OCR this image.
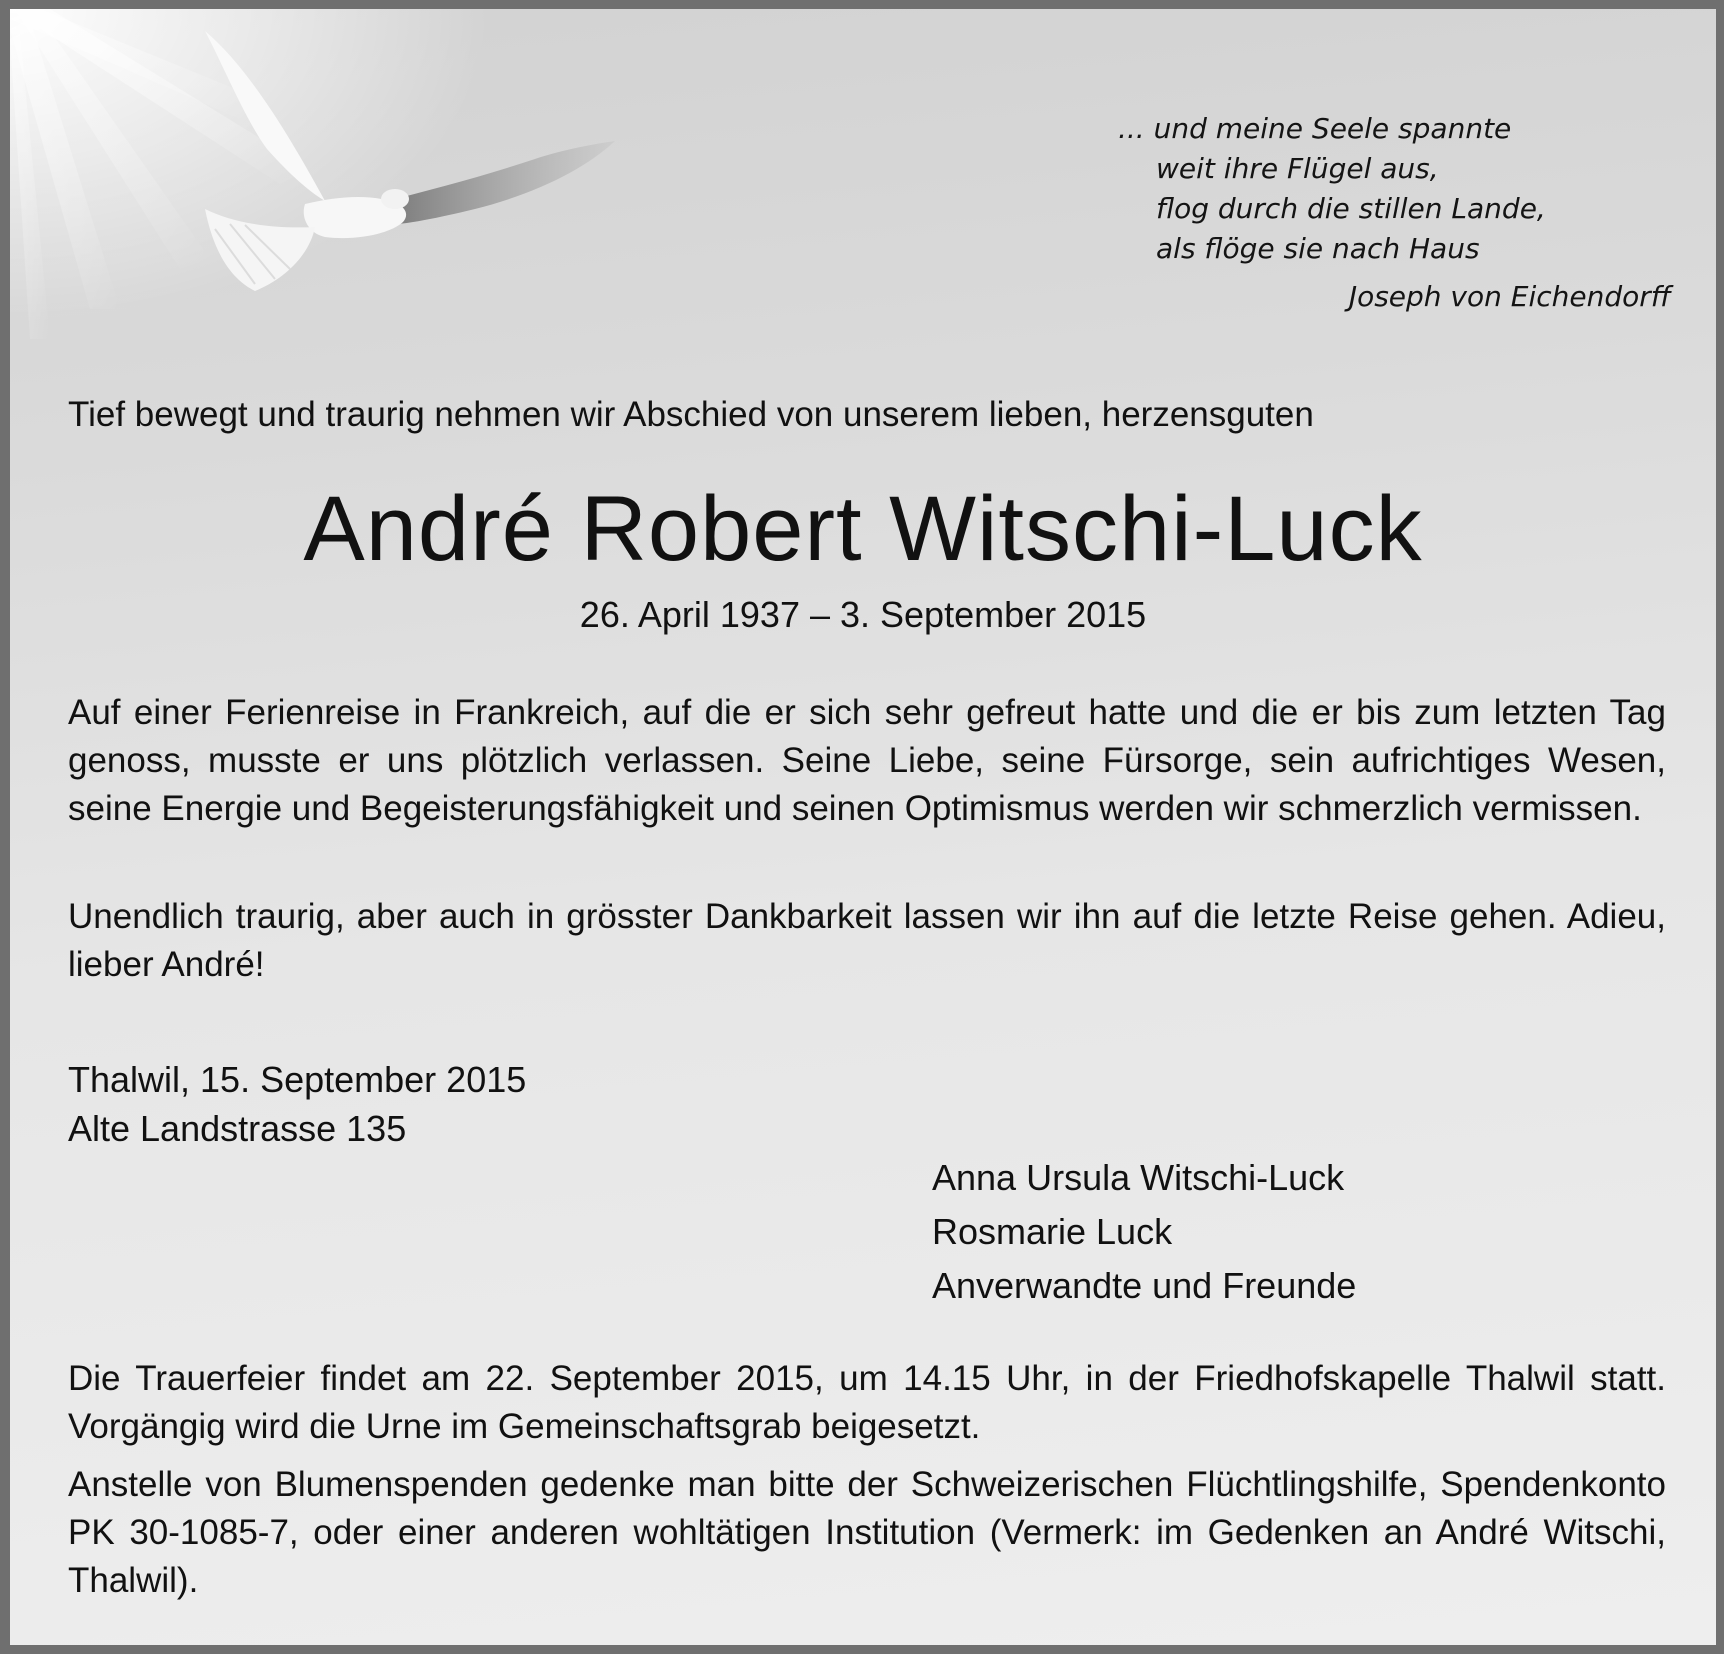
... und meine Seele spannte
weit ihre Flügel aus,
flog durch die stillen Lande,
als flöge sie nach Haus
Joseph von Eichendorff
Tief bewegt und traurig nehmen wir Abschied von unserem lieben, herzensguten
André Robert Witschi-Luck
26. April 1937 – 3. September 2015

Auf einer Ferienreise in Frankreich, auf die er sich sehr gefreut hatte und die er bis zum letzten Tag genoss, musste er uns plötzlich verlassen. Seine Liebe, seine Fürsorge, sein aufrichtiges Wesen, seine Energie und Begeisterungsfähigkeit und seinen Optimismus werden wir schmerzlich vermissen.

Unendlich traurig, aber auch in grösster Dankbarkeit lassen wir ihn auf die letzte Reise gehen. Adieu, lieber André!

Thalwil, 15. September 2015
Alte Landstrasse 135
Anna Ursula Witschi-Luck
Rosmarie Luck
Anverwandte und Freunde

Die Trauerfeier findet am 22. September 2015, um 14.15 Uhr, in der Friedhofskapelle Thalwil statt. Vorgängig wird die Urne im Gemeinschaftsgrab beigesetzt.

Anstelle von Blumenspenden gedenke man bitte der Schweizerischen Flüchtlingshilfe, Spendenkonto PK 30-1085-7, oder einer anderen wohltätigen Institution (Vermerk: im Gedenken an André Witschi, Thalwil).
